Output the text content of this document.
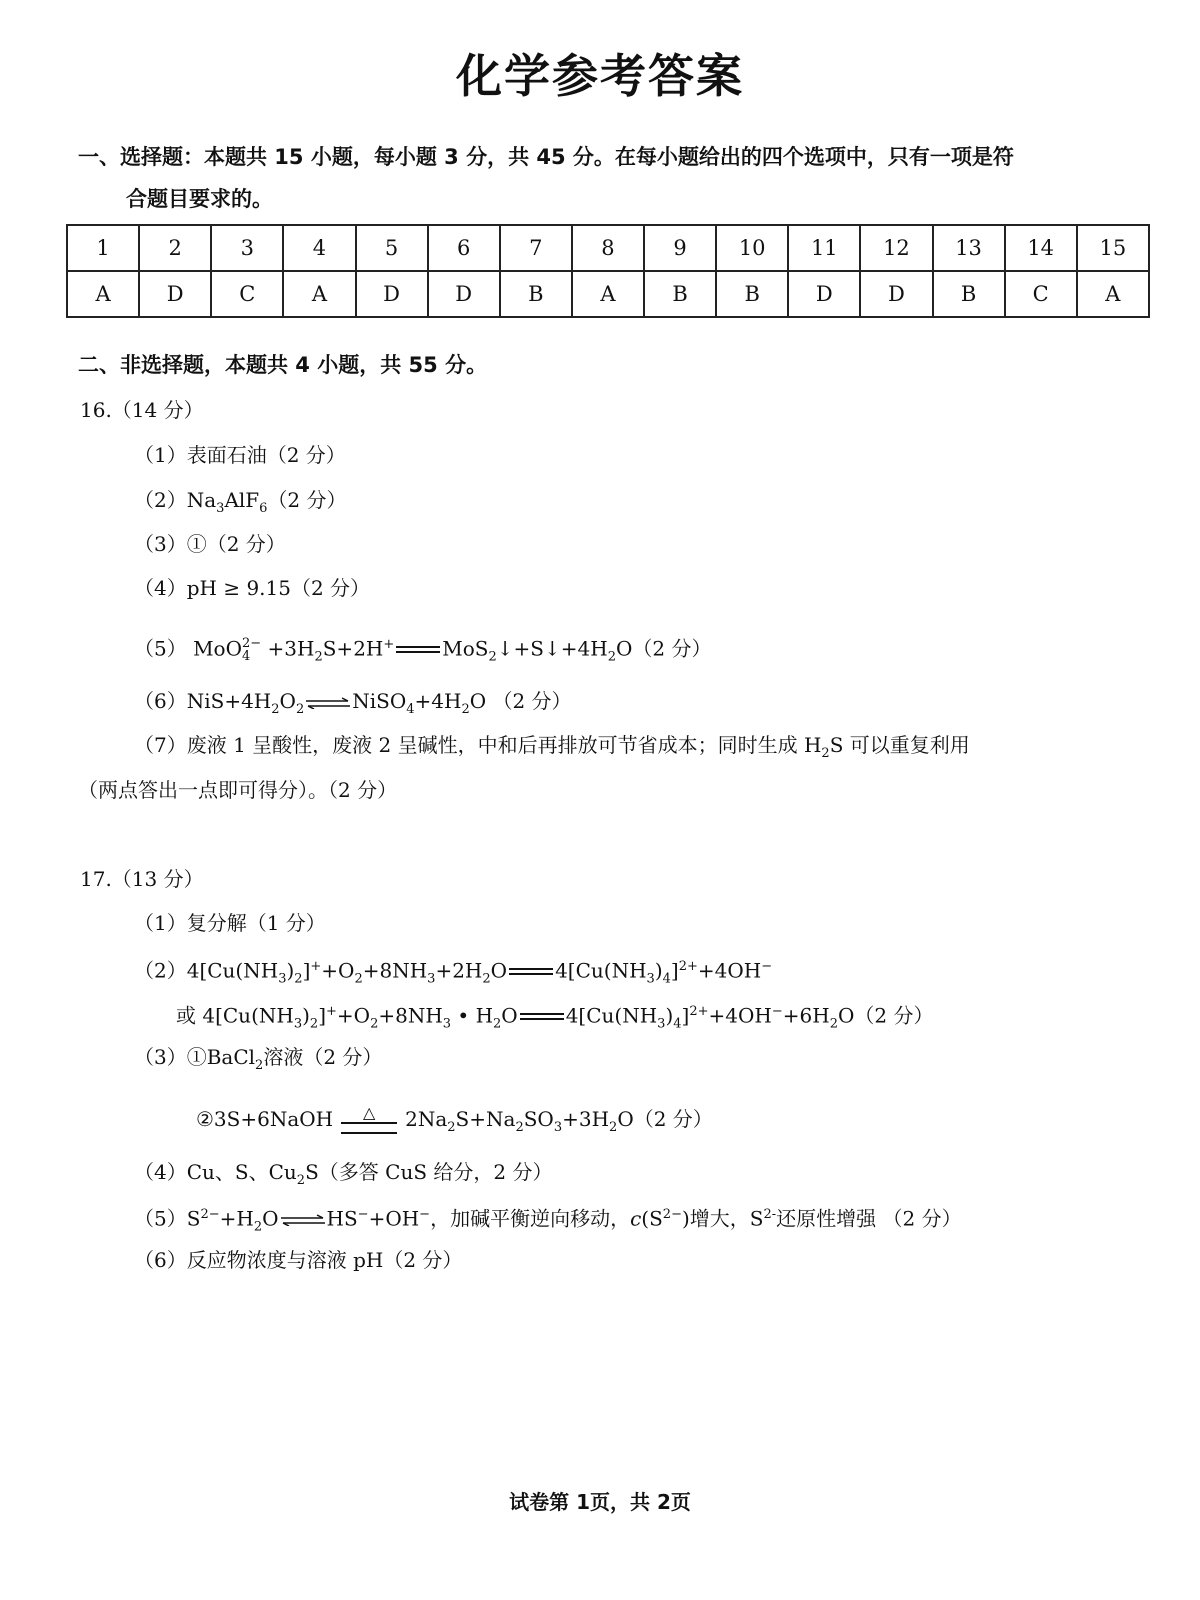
化学参考答案
一、选择题：本题共 15 小题，每小题 3 分，共 45 分。在每小题给出的四个选项中，只有一项是符
合题目要求的。
1	2	3	4	5	6	7	8	9	10	11	12	13	14	15
A	D	C	A	D	D	B	A	B	B	D	D	B	C	A
二、非选择题，本题共 4 小题，共 55 分。
16.（14 分）
（1）表面石油（2 分）
$(2)Na_3AlF_6(2$ 分）
（3）①（2 分）
（4）pH ≥ 9.15（2 分）
（5） MoO 2−
$4 +3H_2S+2H^+$ $MoS_2↓+S↓+4H_2O(2$ 分）
$(6)NiS+4H_2O_2$ ⇌ $NiSO_4+4H_2O$ （2 分）
（7）废液 1 呈酸性，废液 2 呈碱性，中和后再排放可节省成本；同时生成 $H_2S$ 可以重复利用
（两点答出一点即可得分）。（2 分）
17.（13 分）
（1）复分解（1 分）
$(2)4[Cu(NH_3)_2]^++O_2+8NH_3+2H_2O$ $4[Cu(NH_3)_4]^{2+}+4OH^-$
或 $4[Cu(NH_3)_2]^++O_2+8NH_3$ • $H_2O$ $4[Cu(NH_3)_4]^{2+}+4OH^-+6H_2O(2$ 分）
（3）①BaCl$_2$溶液（2 分）
②3S+6NaOH	△	$2Na_2S+Na_2SO_3+3H_2O(2$ 分）
（4）Cu、S、$Cu_2S$（多答 CuS 给分，2 分）
$(5)S^{2-}+H_2O$ ⇌ HS−+OH−，加碱平衡逆向移动，$c(S^{2-})$增大，$S^{2-}$还原性增强 （2 分）
（6）反应物浓度与溶液 pH（2 分）
试卷第 1页，共 2页
